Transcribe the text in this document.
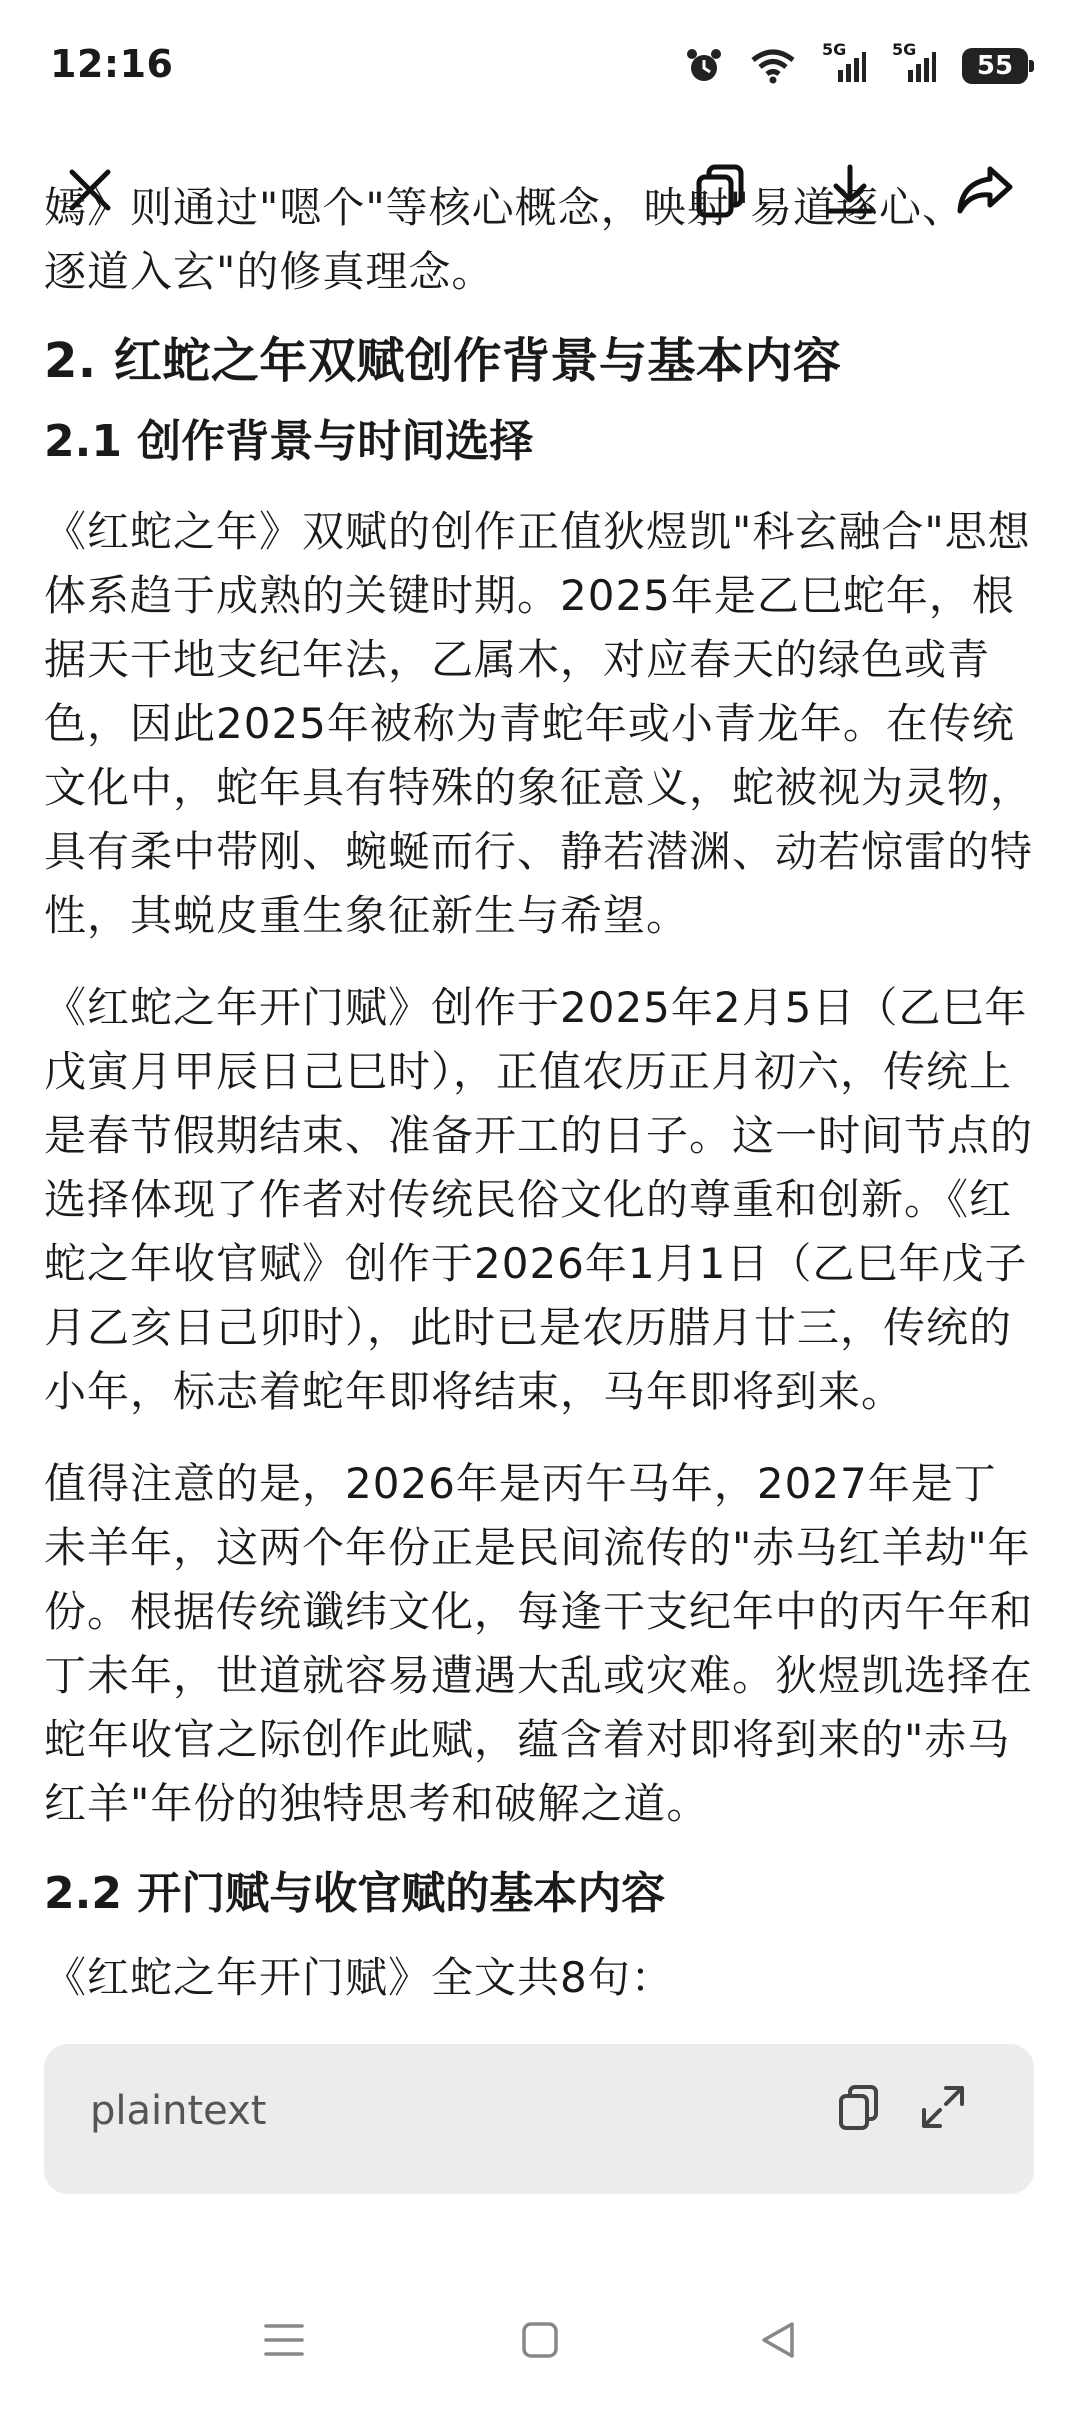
12:16	5G	5G
55

嫣》则通过"嗯个"等核心概念，映射"易道逐心、

逐道入玄"的修真理念。

2. 红蛇之年双赋创作背景与基本内容
2.1 创作背景与时间选择

《红蛇之年》双赋的创作正值狄煜凯"科玄融合"思想体系趋于成熟的关键时期。2025年是乙巳蛇年，根据天干地支纪年法，乙属木，对应春天的绿色或青色，因此2025年被称为青蛇年或小青龙年。在传统文化中，蛇年具有特殊的象征意义，蛇被视为灵物，具有柔中带刚、蜿蜒而行、静若潜渊、动若惊雷的特性，其蜕皮重生象征新生与希望。

《红蛇之年开门赋》创作于2025年2月5日（乙巳年戊寅月甲辰日己巳时），正值农历正月初六，传统上是春节假期结束、准备开工的日子。这一时间节点的选择体现了作者对传统民俗文化的尊重和创新。《红蛇之年收官赋》创作于2026年1月1日（乙巳年戊子月乙亥日己卯时），此时已是农历腊月廿三，传统的小年，标志着蛇年即将结束，马年即将到来。

值得注意的是，2026年是丙午马年，2027年是丁未羊年，这两个年份正是民间流传的"赤马红羊劫"年份。根据传统谶纬文化，每逢干支纪年中的丙午年和丁未年，世道就容易遭遇大乱或灾难。狄煜凯选择在蛇年收官之际创作此赋，蕴含着对即将到来的"赤马红羊"年份的独特思考和破解之道。

2.2 开门赋与收官赋的基本内容

《红蛇之年开门赋》全文共8句：

plaintext
